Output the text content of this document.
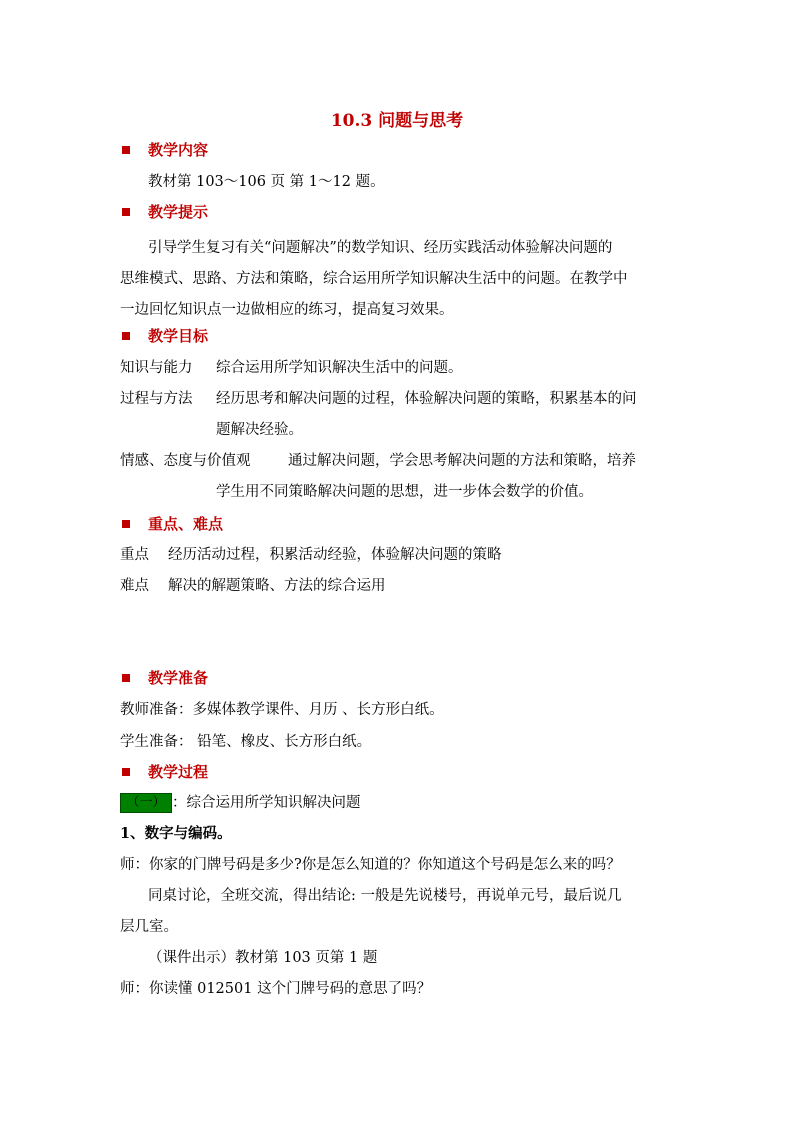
10.3 问题与思考
教学内容
教材第 103～106 页 第 1～12 题。
教学提示
引导学生复习有关“问题解决”的数学知识、经历实践活动体验解决问题的
思维模式、思路、方法和策略，综合运用所学知识解决生活中的问题。在教学中
一边回忆知识点一边做相应的练习，提高复习效果。
教学目标
知识与能力 综合运用所学知识解决生活中的问题。
过程与方法 经历思考和解决问题的过程，体验解决问题的策略，积累基本的问
题解决经验。
情感、态度与价值观	通过解决问题，学会思考解决问题的方法和策略，培养
学生用不同策略解决问题的思想，进一步体会数学的价值。
重点、难点
重点 经历活动过程，积累活动经验，体验解决问题的策略
难点 解决的解题策略、方法的综合运用
教学准备
教师准备：多媒体教学课件、月历 、长方形白纸。
学生准备： 铅笔、橡皮、长方形白纸。
教学过程
（一） ：综合运用所学知识解决问题
1、数字与编码。
师：你家的门牌号码是多少?你是怎么知道的？你知道这个号码是怎么来的吗？
同桌讨论，全班交流，得出结论: 一般是先说楼号，再说单元号，最后说几
层几室。
（课件出示）教材第 103 页第 1 题
师：你读懂 012501 这个门牌号码的意思了吗？
